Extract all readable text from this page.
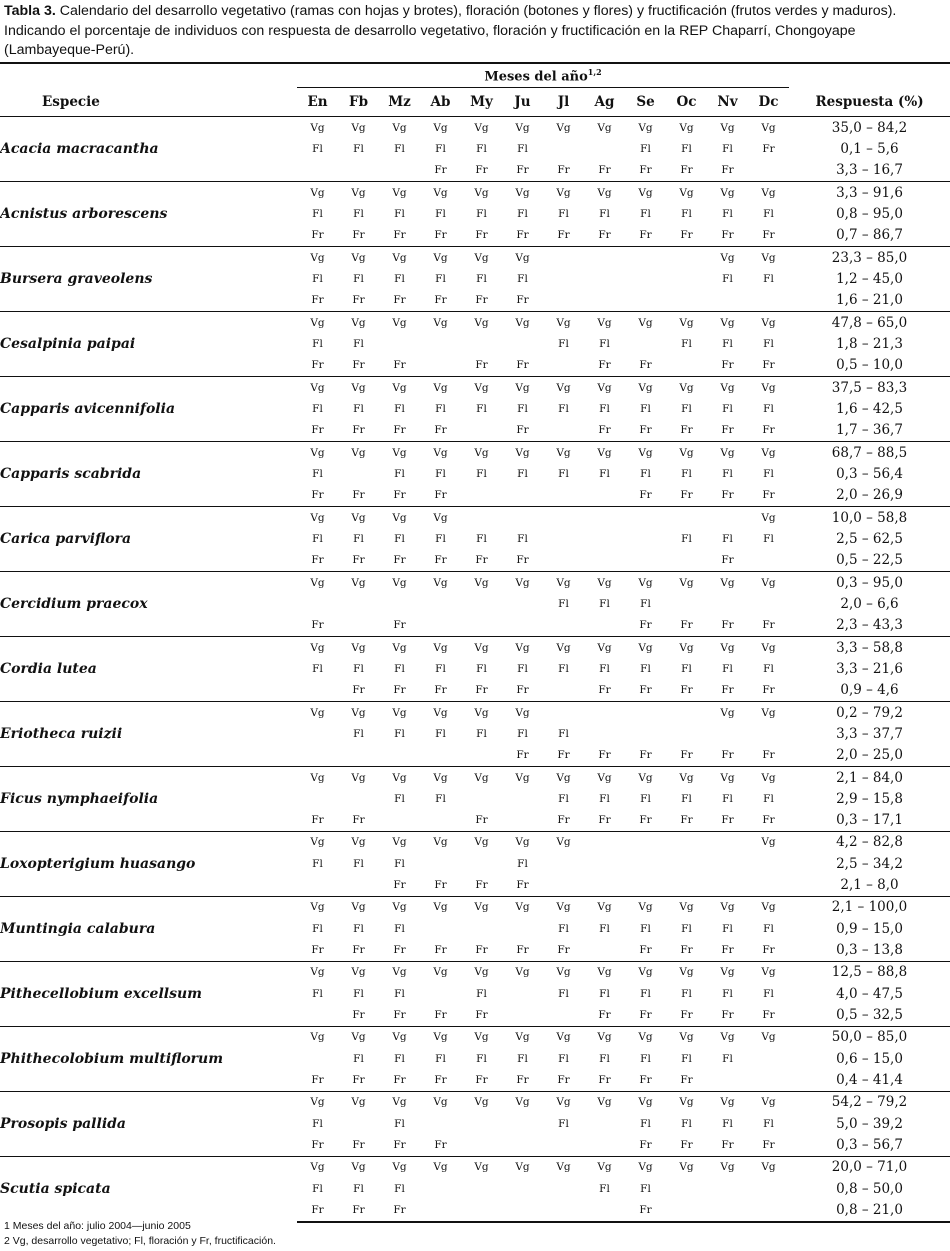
Tabla 3. Calendario del desarrollo vegetativo (ramas con hojas y brotes), floración (botones y flores) y fructificación (frutos verdes y maduros). Indicando el porcentaje de individuos con respuesta de desarrollo vegetativo, floración y fructificación en la REP Chaparrí, Chongoyape (Lambayeque-Perú).
	Meses del año$^{1,2}$	
Especie	En	Fb	Mz	Ab	My	Ju	Jl	Ag	Se	Oc	Nv	Dc	Respuesta (%)
Acacia macracantha	Vg	Vg	Vg	Vg	Vg	Vg	Vg	Vg	Vg	Vg	Vg	Vg	35,0 – 84,2
	Fl	Fl	Fl	Fl	Fl	Fl			Fl	Fl	Fl	Fr	0,1 – 5,6
				Fr	Fr	Fr	Fr	Fr	Fr	Fr	Fr		3,3 – 16,7
Acnistus arborescens	Vg	Vg	Vg	Vg	Vg	Vg	Vg	Vg	Vg	Vg	Vg	Vg	3,3 – 91,6
	Fl	Fl	Fl	Fl	Fl	Fl	Fl	Fl	Fl	Fl	Fl	Fl	0,8 – 95,0
	Fr	Fr	Fr	Fr	Fr	Fr	Fr	Fr	Fr	Fr	Fr	Fr	0,7 – 86,7
Bursera graveolens	Vg	Vg	Vg	Vg	Vg	Vg					Vg	Vg	23,3 – 85,0
	Fl	Fl	Fl	Fl	Fl	Fl					Fl	Fl	1,2 – 45,0
	Fr	Fr	Fr	Fr	Fr	Fr							1,6 – 21,0
Cesalpinia paipai	Vg	Vg	Vg	Vg	Vg	Vg	Vg	Vg	Vg	Vg	Vg	Vg	47,8 – 65,0
	Fl	Fl					Fl	Fl		Fl	Fl	Fl	1,8 – 21,3
	Fr	Fr	Fr		Fr	Fr		Fr	Fr		Fr	Fr	0,5 – 10,0
Capparis avicennifolia	Vg	Vg	Vg	Vg	Vg	Vg	Vg	Vg	Vg	Vg	Vg	Vg	37,5 – 83,3
	Fl	Fl	Fl	Fl	Fl	Fl	Fl	Fl	Fl	Fl	Fl	Fl	1,6 – 42,5
	Fr	Fr	Fr	Fr		Fr		Fr	Fr	Fr	Fr	Fr	1,7 – 36,7
Capparis scabrida	Vg	Vg	Vg	Vg	Vg	Vg	Vg	Vg	Vg	Vg	Vg	Vg	68,7 – 88,5
	Fl		Fl	Fl	Fl	Fl	Fl	Fl	Fl	Fl	Fl	Fl	0,3 – 56,4
	Fr	Fr	Fr	Fr					Fr	Fr	Fr	Fr	2,0 – 26,9
Carica parviflora	Vg	Vg	Vg	Vg								Vg	10,0 – 58,8
	Fl	Fl	Fl	Fl	Fl	Fl				Fl	Fl	Fl	2,5 – 62,5
	Fr	Fr	Fr	Fr	Fr	Fr					Fr		0,5 – 22,5
Cercidium praecox	Vg	Vg	Vg	Vg	Vg	Vg	Vg	Vg	Vg	Vg	Vg	Vg	0,3 – 95,0
							Fl	Fl	Fl				2,0 – 6,6
	Fr		Fr						Fr	Fr	Fr	Fr	2,3 – 43,3
Cordia lutea	Vg	Vg	Vg	Vg	Vg	Vg	Vg	Vg	Vg	Vg	Vg	Vg	3,3 – 58,8
	Fl	Fl	Fl	Fl	Fl	Fl	Fl	Fl	Fl	Fl	Fl	Fl	3,3 – 21,6
		Fr	Fr	Fr	Fr	Fr		Fr	Fr	Fr	Fr	Fr	0,9 – 4,6
Eriotheca ruizii	Vg	Vg	Vg	Vg	Vg	Vg					Vg	Vg	0,2 – 79,2
		Fl	Fl	Fl	Fl	Fl	Fl						3,3 – 37,7
						Fr	Fr	Fr	Fr	Fr	Fr	Fr	2,0 – 25,0
Ficus nymphaeifolia	Vg	Vg	Vg	Vg	Vg	Vg	Vg	Vg	Vg	Vg	Vg	Vg	2,1 – 84,0
			Fl	Fl			Fl	Fl	Fl	Fl	Fl	Fl	2,9 – 15,8
	Fr	Fr			Fr		Fr	Fr	Fr	Fr	Fr	Fr	0,3 – 17,1
Loxopterigium huasango	Vg	Vg	Vg	Vg	Vg	Vg	Vg					Vg	4,2 – 82,8
	Fl	Fl	Fl			Fl							2,5 – 34,2
			Fr	Fr	Fr	Fr							2,1 – 8,0
Muntingia calabura	Vg	Vg	Vg	Vg	Vg	Vg	Vg	Vg	Vg	Vg	Vg	Vg	2,1 – 100,0
	Fl	Fl	Fl				Fl	Fl	Fl	Fl	Fl	Fl	0,9 – 15,0
	Fr	Fr	Fr	Fr	Fr	Fr	Fr		Fr	Fr	Fr	Fr	0,3 – 13,8
Pithecellobium excellsum	Vg	Vg	Vg	Vg	Vg	Vg	Vg	Vg	Vg	Vg	Vg	Vg	12,5 – 88,8
	Fl	Fl	Fl		Fl		Fl	Fl	Fl	Fl	Fl	Fl	4,0 – 47,5
		Fr	Fr	Fr	Fr			Fr	Fr	Fr	Fr	Fr	0,5 – 32,5
Phithecolobium multiflorum	Vg	Vg	Vg	Vg	Vg	Vg	Vg	Vg	Vg	Vg	Vg	Vg	50,0 – 85,0
		Fl	Fl	Fl	Fl	Fl	Fl	Fl	Fl	Fl	Fl		0,6 – 15,0
	Fr	Fr	Fr	Fr	Fr	Fr	Fr	Fr	Fr	Fr			0,4 – 41,4
Prosopis pallida	Vg	Vg	Vg	Vg	Vg	Vg	Vg	Vg	Vg	Vg	Vg	Vg	54,2 – 79,2
	Fl		Fl				Fl		Fl	Fl	Fl	Fl	5,0 – 39,2
	Fr	Fr	Fr	Fr					Fr	Fr	Fr	Fr	0,3 – 56,7
Scutia spicata	Vg	Vg	Vg	Vg	Vg	Vg	Vg	Vg	Vg	Vg	Vg	Vg	20,0 – 71,0
	Fl	Fl	Fl					Fl	Fl				0,8 – 50,0
	Fr	Fr	Fr						Fr				0,8 – 21,0
1 Meses del año: julio 2004—junio 2005
2 Vg, desarrollo vegetativo; Fl, floración y Fr, fructificación.
